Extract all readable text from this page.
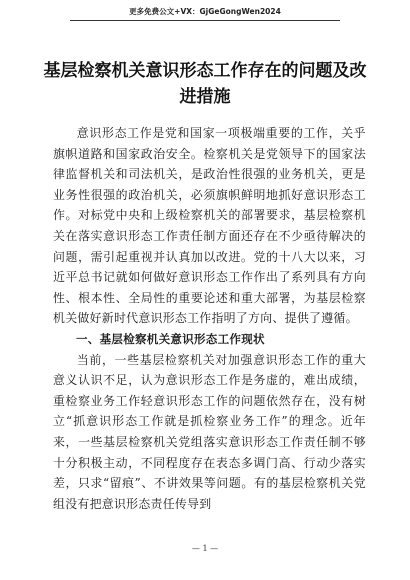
更多免费公文+VX：GjGeGongWen2024
基层检察机关意识形态工作存在的问题及改进措施

意识形态工作是党和国家一项极端重要的工作，关乎旗帜道路和国家政治安全。检察机关是党领导下的国家法律监督机关和司法机关，是政治性很强的业务机关，更是业务性很强的政治机关，必须旗帜鲜明地抓好意识形态工作。对标党中央和上级检察机关的部署要求，基层检察机关在落实意识形态工作责任制方面还存在不少亟待解决的问题，需引起重视并认真加以改进。党的十八大以来，习近平总书记就如何做好意识形态工作作出了系列具有方向性、根本性、全局性的重要论述和重大部署，为基层检察机关做好新时代意识形态工作指明了方向、提供了遵循。

一、基层检察机关意识形态工作现状

当前，一些基层检察机关对加强意识形态工作的重大意义认识不足，认为意识形态工作是务虚的，难出成绩，重检察业务工作轻意识形态工作的问题依然存在，没有树立“抓意识形态工作就是抓检察业务工作”的理念。近年来，一些基层检察机关党组落实意识形态工作责任制不够十分积极主动，不同程度存在表态多调门高、行动少落实差，只求“留痕”、不讲效果等问题。有的基层检察机关党组没有把意识形态责任传导到

— 1 —
